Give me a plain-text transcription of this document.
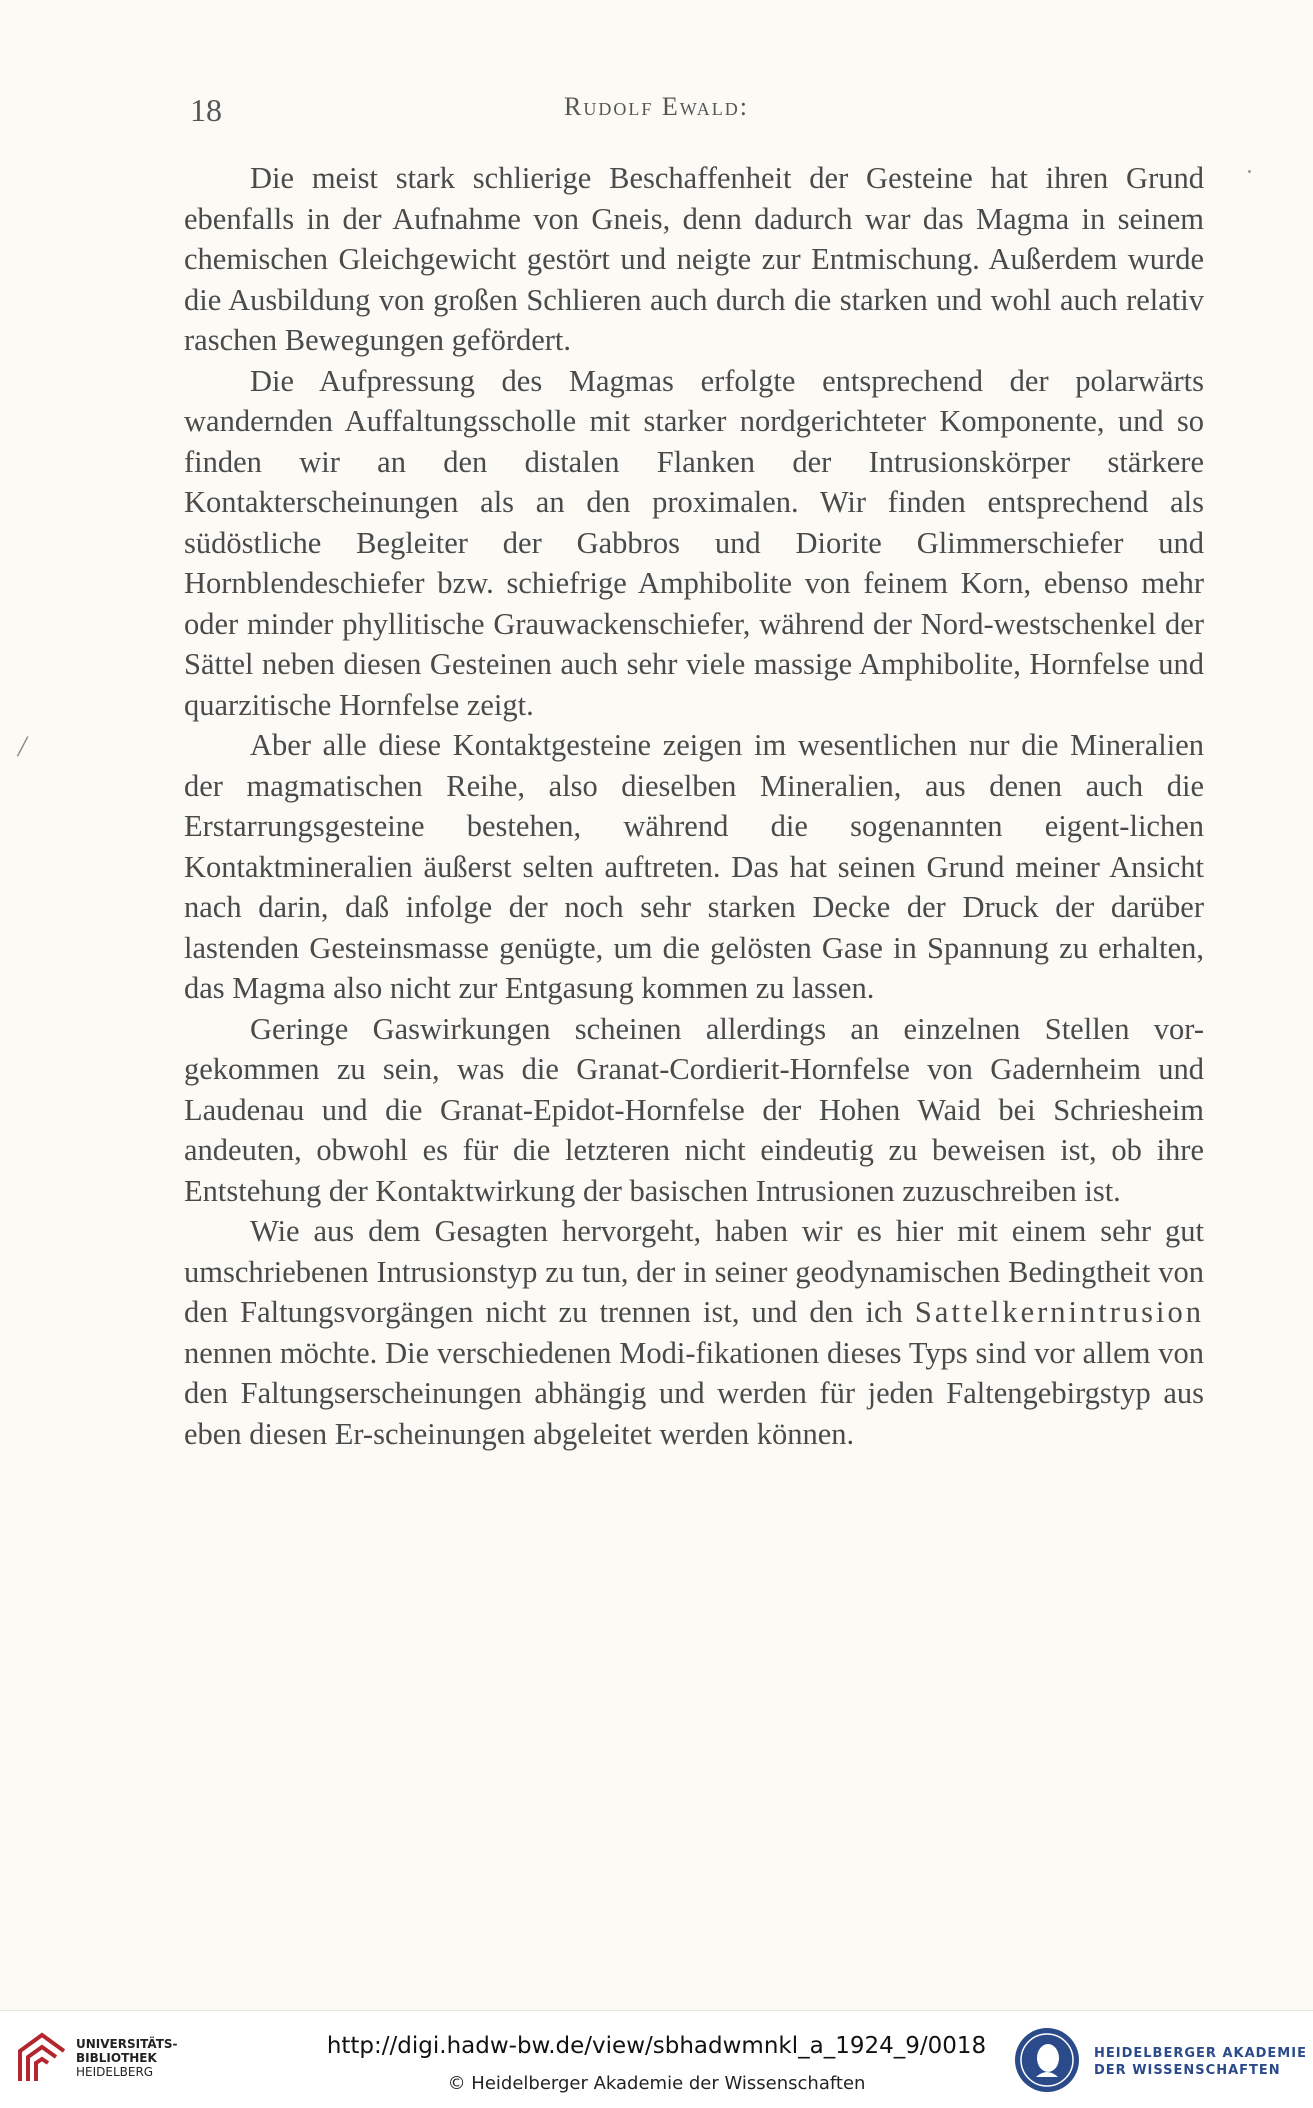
18	Rudolf Ewald:
/

Die meist stark schlierige Beschaffenheit der Gesteine hat ihren Grund ebenfalls in der Aufnahme von Gneis, denn dadurch war das Magma in seinem chemischen Gleichgewicht gestört und neigte zur Entmischung. Außerdem wurde die Ausbildung von großen Schlieren auch durch die starken und wohl auch relativ raschen Bewegungen gefördert.

Die Aufpressung des Magmas erfolgte entsprechend der polarwärts wandernden Auffaltungsscholle mit starker nordgerichteter Komponente, und so finden wir an den distalen Flanken der Intrusionskörper stärkere Kontakterscheinungen als an den proximalen. Wir finden entsprechend als südöstliche Begleiter der Gabbros und Diorite Glimmerschiefer und Hornblendeschiefer bzw. schiefrige Amphibolite von feinem Korn, ebenso mehr oder minder phyllitische Grauwackenschiefer, während der Nord-westschenkel der Sättel neben diesen Gesteinen auch sehr viele massige Amphibolite, Hornfelse und quarzitische Hornfelse zeigt.

Aber alle diese Kontaktgesteine zeigen im wesentlichen nur die Mineralien der magmatischen Reihe, also dieselben Mineralien, aus denen auch die Erstarrungsgesteine bestehen, während die sogenannten eigent-lichen Kontaktmineralien äußerst selten auftreten. Das hat seinen Grund meiner Ansicht nach darin, daß infolge der noch sehr starken Decke der Druck der darüber lastenden Gesteinsmasse genügte, um die gelösten Gase in Spannung zu erhalten, das Magma also nicht zur Entgasung kommen zu lassen.

Geringe Gaswirkungen scheinen allerdings an einzelnen Stellen vor-gekommen zu sein, was die Granat-Cordierit-Hornfelse von Gadernheim und Laudenau und die Granat-Epidot-Hornfelse der Hohen Waid bei Schriesheim andeuten, obwohl es für die letzteren nicht eindeutig zu beweisen ist, ob ihre Entstehung der Kontaktwirkung der basischen Intrusionen zuzuschreiben ist.

Wie aus dem Gesagten hervorgeht, haben wir es hier mit einem sehr gut umschriebenen Intrusionstyp zu tun, der in seiner geodynamischen Bedingtheit von den Faltungsvorgängen nicht zu trennen ist, und den ich Sattelkernintrusion nennen möchte. Die verschiedenen Modi-fikationen dieses Typs sind vor allem von den Faltungserscheinungen abhängig und werden für jeden Faltengebirgstyp aus eben diesen Er-scheinungen abgeleitet werden können.

UNIVERSITÄTS-
BIBLIOTHEK
HEIDELBERG
http://digi.hadw-bw.de/view/sbhadwmnkl_a_1924_9/0018
© Heidelberger Akademie der Wissenschaften
HEIDELBERGER AKADEMIE
DER WISSENSCHAFTEN
